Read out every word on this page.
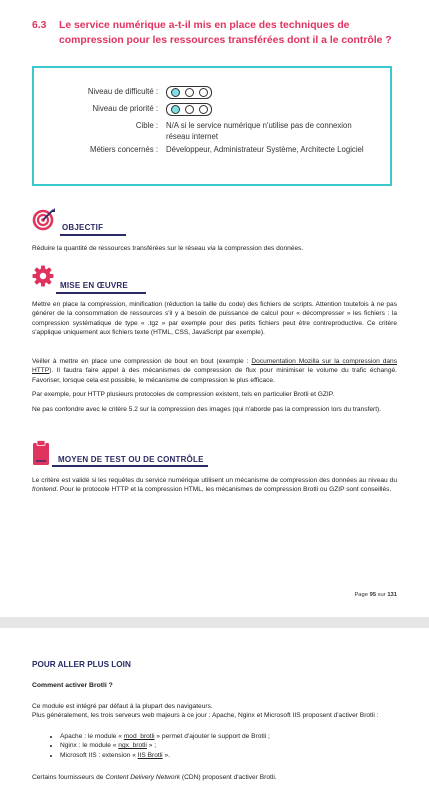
6.3 Le service numérique a-t-il mis en place des techniques de
compression pour les ressources transférées dont il a le contrôle ?
Niveau de difficulté :
Niveau de priorité :
Cible : N/A si le service numérique n'utilise pas de connexion réseau internet
Métiers concernés : Développeur, Administrateur Système, Architecte Logiciel
OBJECTIF
Réduire la quantité de ressources transférées sur le réseau via la compression des données.
MISE EN ŒUVRE
Mettre en place la compression, minification (réduction la taille du code) des fichiers de scripts. Attention toutefois à ne pas générer de la consommation de ressources s'il y a besoin de puissance de calcul pour « décompresser » les fichiers : la compression systématique de type « .tgz » par exemple pour des petits fichiers peut être contreproductive. Ce critère s'applique uniquement aux fichiers texte (HTML, CSS, JavaScript par exemple).
Veiller à mettre en place une compression de bout en bout (exemple : Documentation Mozilla sur la compression dans HTTP). Il faudra faire appel à des mécanismes de compression de flux pour minimiser le volume du trafic échangé. Favoriser, lorsque cela est possible, le mécanisme de compression le plus efficace.
Par exemple, pour HTTP plusieurs protocoles de compression existent, tels en particulier Brotli et GZIP.
Ne pas confondre avec le critère 5.2 sur la compression des images (qui n'aborde pas la compression lors du transfert).
MOYEN DE TEST OU DE CONTRÔLE
Le critère est validé si les requêtes du service numérique utilisent un mécanisme de compression des données au niveau du frontend. Pour le protocole HTTP et la compression HTML, les mécanismes de compression Brotli ou GZIP sont conseillés.
Page 95 sur 131
POUR ALLER PLUS LOIN
Comment activer Brotli ?
Ce module est intégré par défaut à la plupart des navigateurs.
Plus généralement, les trois serveurs web majeurs à ce jour : Apache, Nginx et Microsoft IIS proposent d'activer Brotli :
• Apache : le module « mod_brotli » permet d'ajouter le support de Brotli ;
• Nginx : le module « ngx_brotli » ;
• Microsoft IIS : extension « IIS Brotli ».
Certains fournisseurs de Content Delivery Network (CDN) proposent d'activer Brotli.
